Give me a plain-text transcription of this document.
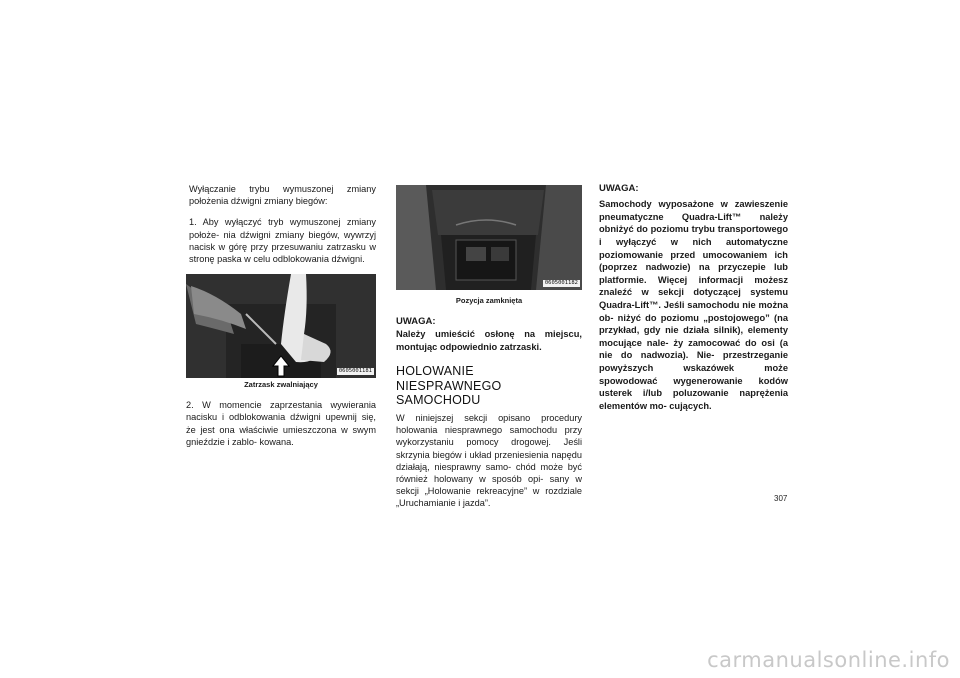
Wyłączanie trybu wymuszonej zmiany położenia dźwigni zmiany biegów:

1. Aby wyłączyć tryb wymuszonej zmiany położe- nia dźwigni zmiany biegów, wywrzyj nacisk w górę przy przesuwaniu zatrzasku w stronę paska w celu odblokowania dźwigni.

0605001181
Zatrzask zwalniający

2. W momencie zaprzestania wywierania nacisku i odblokowania dźwigni upewnij się, że jest ona właściwie umieszczona w swym gnieździe i zablo- kowana.

0605001182
Pozycja zamknięta
UWAGA:
Należy umieścić osłonę na miejscu, montując odpowiednio zatrzaski.
HOLOWANIE NIESPRAWNEGO SAMOCHODU

W niniejszej sekcji opisano procedury holowania niesprawnego samochodu przy wykorzystaniu pomocy drogowej. Jeśli skrzynia biegów i układ przeniesienia napędu działają, niesprawny samo- chód może być również holowany w sposób opi- sany w sekcji „Holowanie rekreacyjne” w rozdziale „Uruchamianie i jazda”.

UWAGA:
Samochody wyposażone w zawieszenie pneumatyczne Quadra-Lift™ należy obniżyć do poziomu trybu transportowego i wyłączyć w nich automatyczne poziomowanie przed umocowaniem ich (poprzez nadwozie) na przyczepie lub platformie. Więcej informacji możesz znaleźć w sekcji dotyczącej systemu Quadra-Lift™. Jeśli samochodu nie można ob- niżyć do poziomu „postojowego” (na przykład, gdy nie działa silnik), elementy mocujące nale- ży zamocować do osi (a nie do nadwozia). Nie- przestrzeganie powyższych wskazówek może spowodować wygenerowanie kodów usterek i/lub poluzowanie naprężenia elementów mo- cujących.
307
carmanualsonline.info
